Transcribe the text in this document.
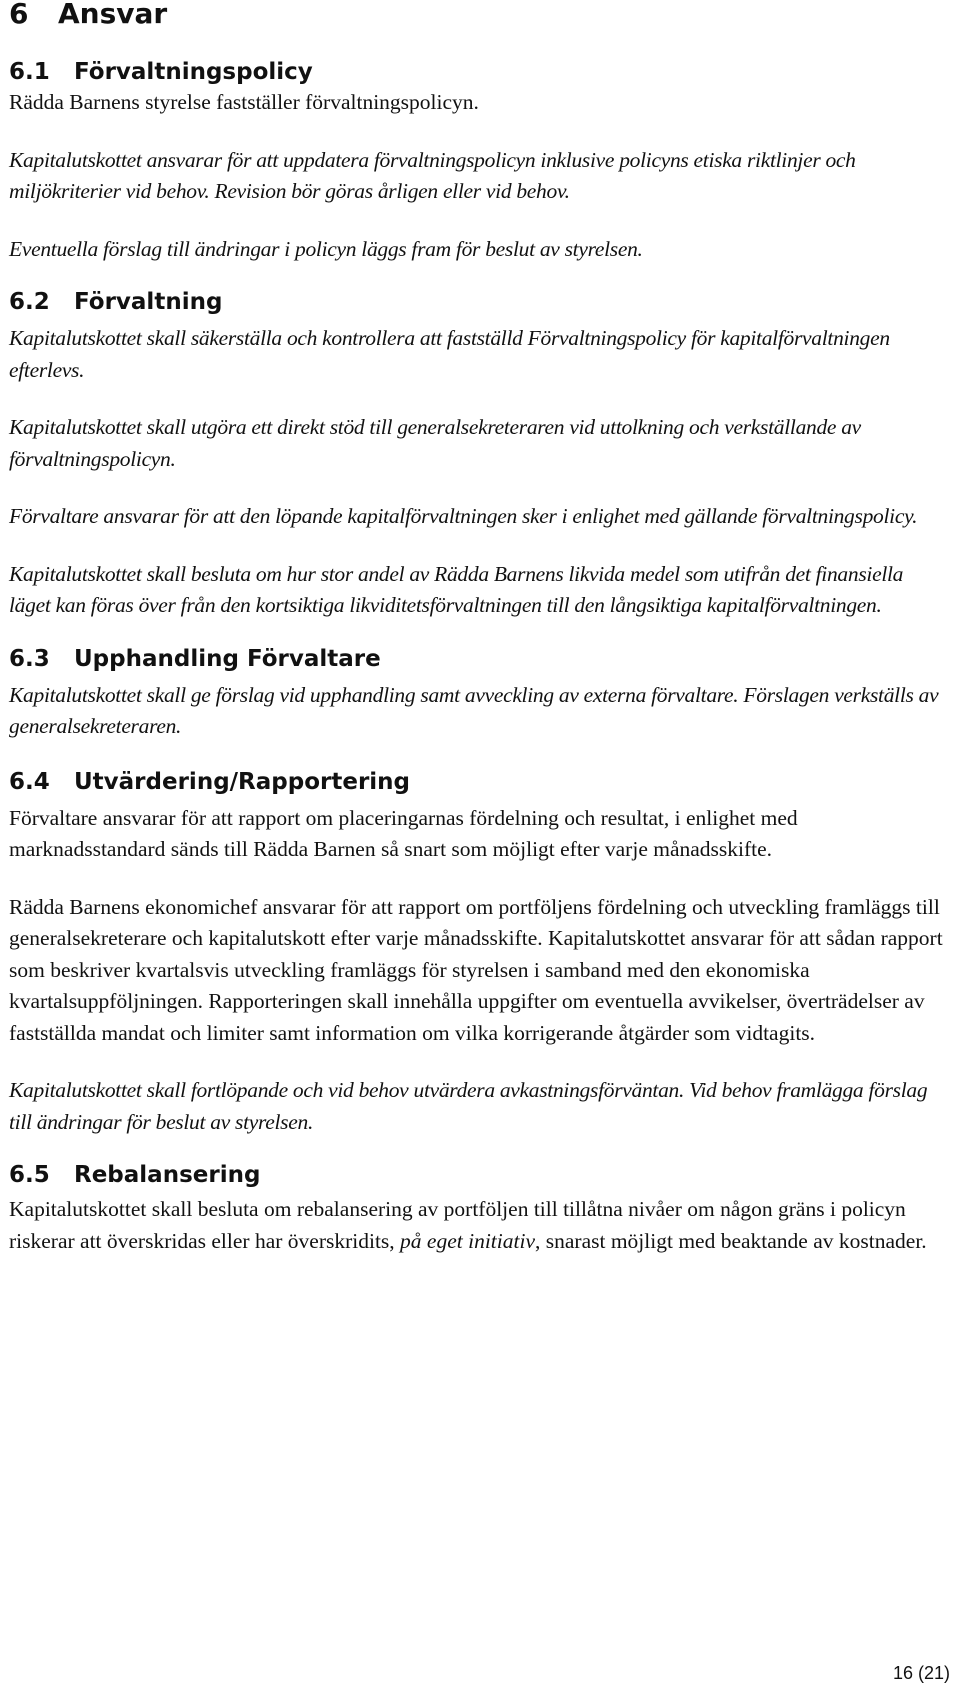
6	Ansvar
6.1	Förvaltningspolicy

Rädda Barnens styrelse fastställer förvaltningspolicyn.

Kapitalutskottet ansvarar för att uppdatera förvaltningspolicyn inklusive policyns etiska riktlinjer och miljökriterier vid behov. Revision bör göras årligen eller vid behov.

Eventuella förslag till ändringar i policyn läggs fram för beslut av styrelsen.

6.2	Förvaltning

Kapitalutskottet skall säkerställa och kontrollera att fastställd Förvaltningspolicy för kapitalförvaltningen efterlevs.

Kapitalutskottet skall utgöra ett direkt stöd till generalsekreteraren vid uttolkning och verkställande av förvaltningspolicyn.

Förvaltare ansvarar för att den löpande kapitalförvaltningen sker i enlighet med gällande förvaltningspolicy.

Kapitalutskottet skall besluta om hur stor andel av Rädda Barnens likvida medel som utifrån det finansiella läget kan föras över från den kortsiktiga likviditetsförvaltningen till den långsiktiga kapitalförvaltningen.

6.3	Upphandling Förvaltare

Kapitalutskottet skall ge förslag vid upphandling samt avveckling av externa förvaltare. Förslagen verkställs av generalsekreteraren.

6.4	Utvärdering/Rapportering

Förvaltare ansvarar för att rapport om placeringarnas fördelning och resultat, i enlighet med marknadsstandard sänds till Rädda Barnen så snart som möjligt efter varje månadsskifte.

Rädda Barnens ekonomichef ansvarar för att rapport om portföljens fördelning och utveckling framläggs till generalsekreterare och kapitalutskott efter varje månadsskifte. Kapitalutskottet ansvarar för att sådan rapport som beskriver kvartalsvis utveckling framläggs för styrelsen i samband med den ekonomiska kvartalsuppföljningen. Rapporteringen skall innehålla uppgifter om eventuella avvikelser, överträdelser av fastställda mandat och limiter samt information om vilka korrigerande åtgärder som vidtagits.

Kapitalutskottet skall fortlöpande och vid behov utvärdera avkastningsförväntan. Vid behov framlägga förslag till ändringar för beslut av styrelsen.

6.5	Rebalansering

Kapitalutskottet skall besluta om rebalansering av portföljen till tillåtna nivåer om någon gräns i policyn riskerar att överskridas eller har överskridits, på eget initiativ, snarast möjligt med beaktande av kostnader.

16 (21)
